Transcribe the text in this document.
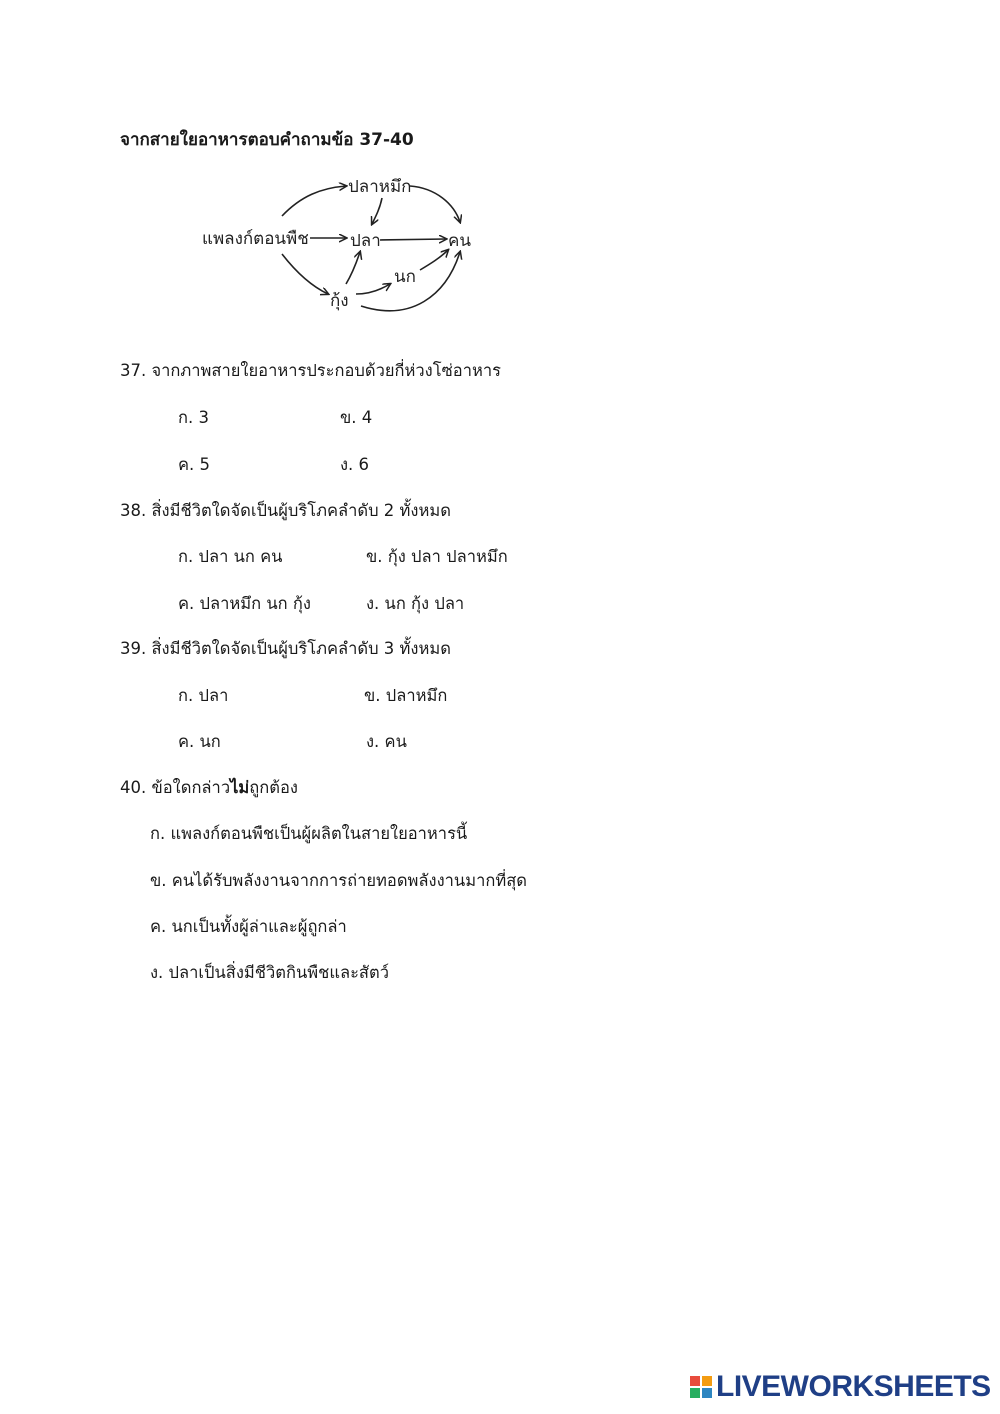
จากสายใยอาหารตอบคำถามข้อ 37-40
แพลงก์ตอนพืช
ปลาหมึก
ปลา	คน
นก
กุ้ง
37. จากภาพสายใยอาหารประกอบด้วยกี่ห่วงโซ่อาหาร
ก. 3	ข. 4
ค. 5	ง. 6
38. สิ่งมีชีวิตใดจัดเป็นผู้บริโภคลำดับ 2 ทั้งหมด
ก. ปลา นก คน	ข. กุ้ง ปลา ปลาหมึก
ค. ปลาหมึก นก กุ้ง	ง. นก กุ้ง ปลา
39. สิ่งมีชีวิตใดจัดเป็นผู้บริโภคลำดับ 3 ทั้งหมด
ก. ปลา	ข. ปลาหมึก
ค. นก	ง. คน
40. ข้อใดกล่าวไม่ถูกต้อง
ก. แพลงก์ตอนพืชเป็นผู้ผลิตในสายใยอาหารนี้
ข. คนได้รับพลังงานจากการถ่ายทอดพลังงานมากที่สุด
ค. นกเป็นทั้งผู้ล่าและผู้ถูกล่า
ง. ปลาเป็นสิ่งมีชีวิตกินพืชและสัตว์
LIVEWORKSHEETS
